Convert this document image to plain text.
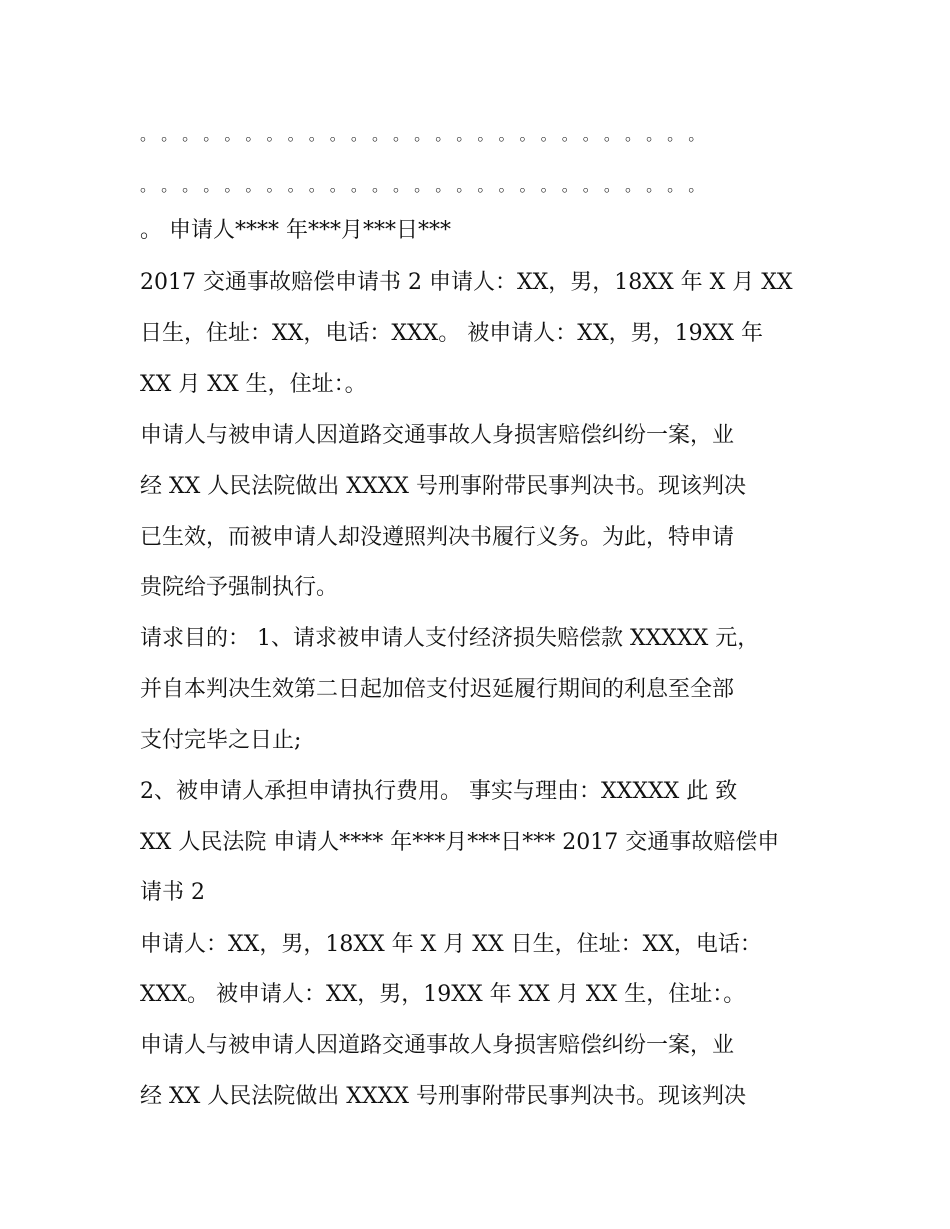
。 。 。 。 。 。 。 。 。 。 。 。 。 。 。 。 。 。 。 。 。 。 。 。 。 。 。

。 。 。 。 。 。 。 。 。 。 。 。 。 。 。 。 。 。 。 。 。 。 。 。 。 。 。

。 申请人**** 年***月***日***

2017 交通事故赔偿申请书 2 申请人：XX，男，18XX 年 X 月 XX

日生，住址：XX，电话：XXX。 被申请人：XX，男，19XX 年

XX 月 XX 生，住址：。

申请人与被申请人因道路交通事故人身损害赔偿纠纷一案，业

经 XX 人民法院做出 XXXX 号刑事附带民事判决书。现该判决

已生效，而被申请人却没遵照判决书履行义务。为此，特申请

贵院给予强制执行。

请求目的： 1、请求被申请人支付经济损失赔偿款 XXXXX 元，

并自本判决生效第二日起加倍支付迟延履行期间的利息至全部

支付完毕之日止;

2、被申请人承担申请执行费用。 事实与理由：XXXXX 此 致

XX 人民法院 申请人**** 年***月***日*** 2017 交通事故赔偿申

请书 2

申请人：XX，男，18XX 年 X 月 XX 日生，住址：XX，电话：

XXX。 被申请人：XX，男，19XX 年 XX 月 XX 生，住址：。

申请人与被申请人因道路交通事故人身损害赔偿纠纷一案，业

经 XX 人民法院做出 XXXX 号刑事附带民事判决书。现该判决
